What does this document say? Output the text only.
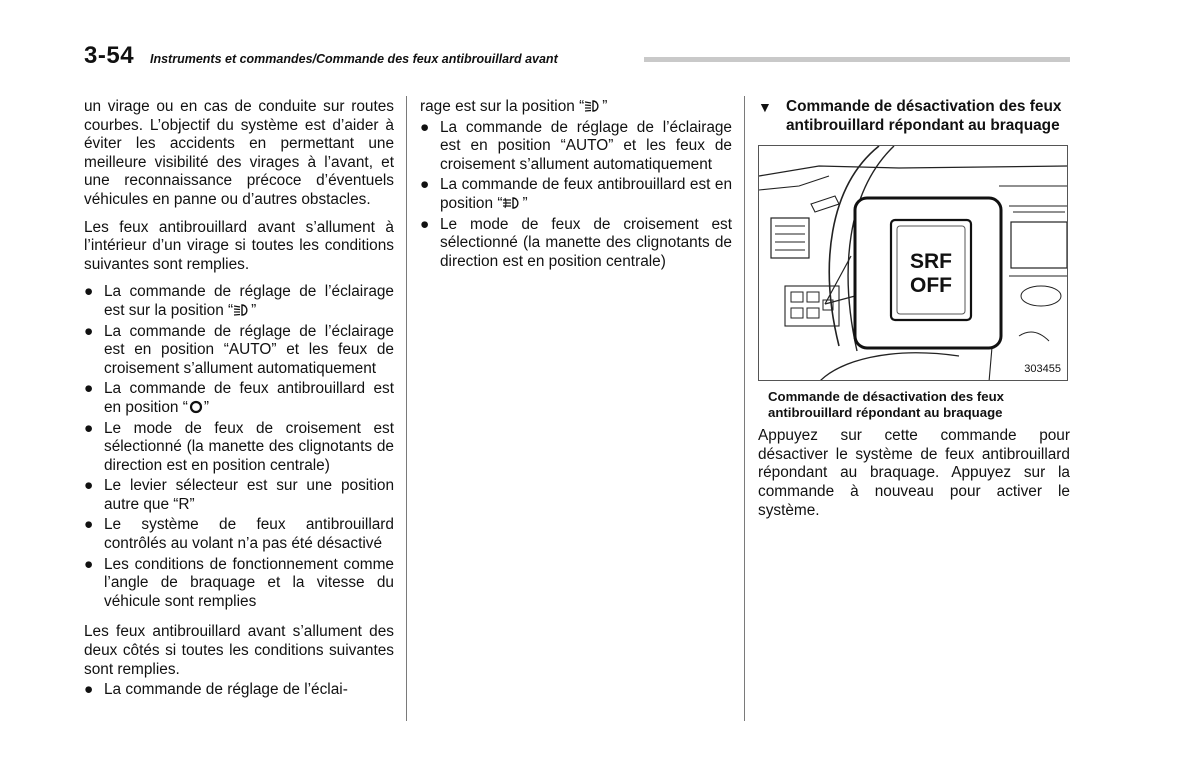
3-54 Instruments et commandes/Commande des feux antibrouillard avant

un virage ou en cas de conduite sur routes courbes. L’objectif du système est d’aider à éviter les accidents en permettant une meilleure visibilité des virages à l’avant, et une reconnaissance précoce d’éventuels véhicules en panne ou d’autres obstacles.

Les feux antibrouillard avant s’allument à l’intérieur d’un virage si toutes les conditions suivantes sont remplies.

● La commande de réglage de l’éclairage est sur la position “ ”
● La commande de réglage de l’éclairage est en position “AUTO” et les feux de croisement s’allument automatiquement
● La commande de feux antibrouillard est en position “ ”
● Le mode de feux de croisement est sélectionné (la manette des clignotants de direction est en position centrale)
● Le levier sélecteur est sur une position autre que “R”
● Le système de feux antibrouillard contrôlés au volant n’a pas été désactivé
● Les conditions de fonctionnement comme l’angle de braquage et la vitesse du véhicule sont remplies

Les feux antibrouillard avant s’allument des deux côtés si toutes les conditions suivantes sont remplies.

● La commande de réglage de l’éclai-
rage est sur la position “ ”
● La commande de réglage de l’éclairage est en position “AUTO” et les feux de croisement s’allument automatiquement
● La commande de feux antibrouillard est en position “ ”
● Le mode de feux de croisement est sélectionné (la manette des clignotants de direction est en position centrale)
▼ Commande de désactivation des feux antibrouillard répondant au braquage
SRF
OFF
303455
Commande de désactivation des feux antibrouillard répondant au braquage

Appuyez sur cette commande pour désactiver le système de feux antibrouillard répondant au braquage. Appuyez sur la commande à nouveau pour activer le système.
